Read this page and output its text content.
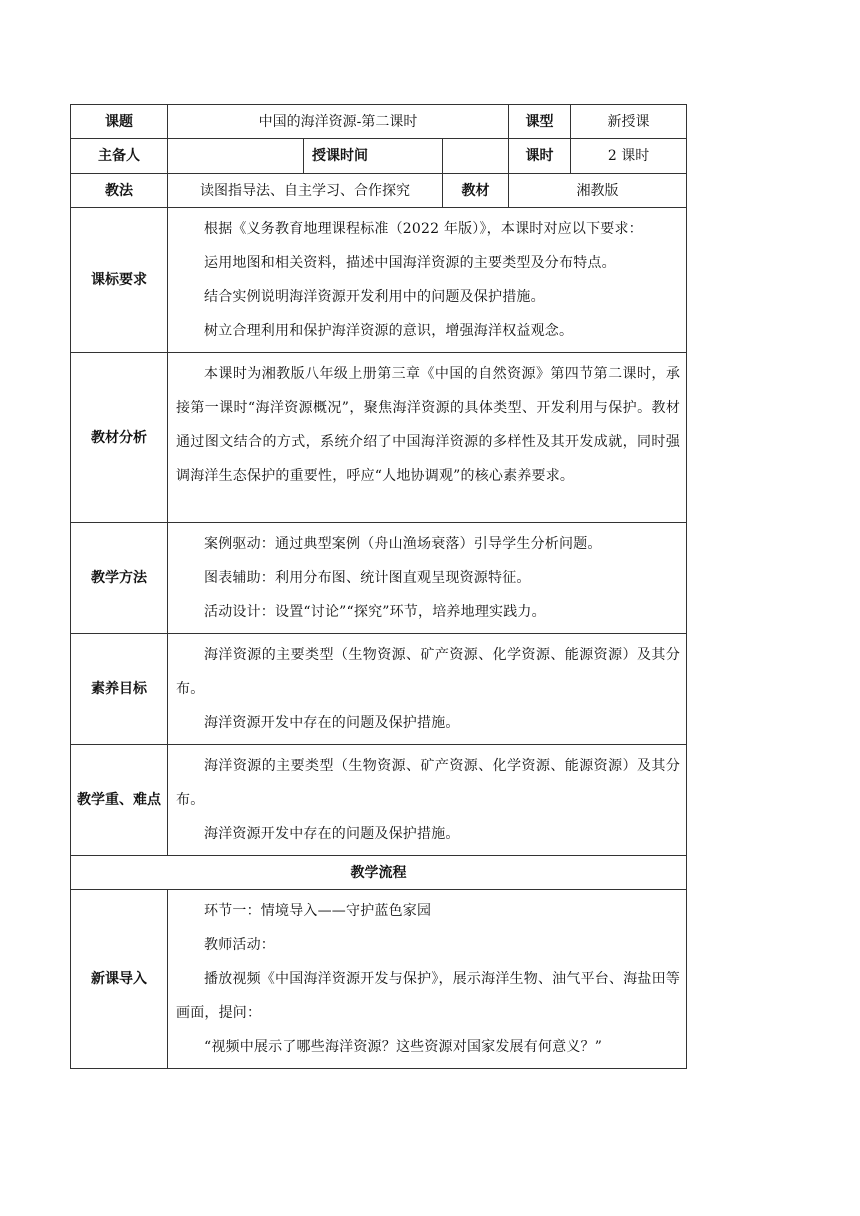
课题	中国的海洋资源-第二课时			课型	新授课
主备人		授课时间		课时	2 课时
教法	读图指导法、自主学习、合作探究		教材	湘教版	
课标要求	根据《义务教育地理课程标准（2022 年版）》，本课时对应以下要求：

运用地图和相关资料，描述中国海洋资源的主要类型及分布特点。

结合实例说明海洋资源开发利用中的问题及保护措施。

树立合理利用和保护海洋资源的意识，增强海洋权益观念。				

教材分析	本课时为湘教版八年级上册第三章《中国的自然资源》第四节第二课时，承接第一课时“海洋资源概况”，聚焦海洋资源的具体类型、开发利用与保护。教材通过图文结合的方式，系统介绍了中国海洋资源的多样性及其开发成就，同时强调海洋生态保护的重要性，呼应“人地协调观”的核心素养要求。				

教学方法	案例驱动：通过典型案例（舟山渔场衰落）引导学生分析问题。

图表辅助：利用分布图、统计图直观呈现资源特征。

活动设计：设置“讨论”“探究”环节，培养地理实践力。				

素养目标	海洋资源的主要类型（生物资源、矿产资源、化学资源、能源资源）及其分布。

海洋资源开发中存在的问题及保护措施。				

教学重、难点	海洋资源的主要类型（生物资源、矿产资源、化学资源、能源资源）及其分布。

海洋资源开发中存在的问题及保护措施。				

教学流程					
新课导入	环节一：情境导入——守护蓝色家园

教师活动：

播放视频《中国海洋资源开发与保护》，展示海洋生物、油气平台、海盐田等画面，提问：

“视频中展示了哪些海洋资源？这些资源对国家发展有何意义？”				
